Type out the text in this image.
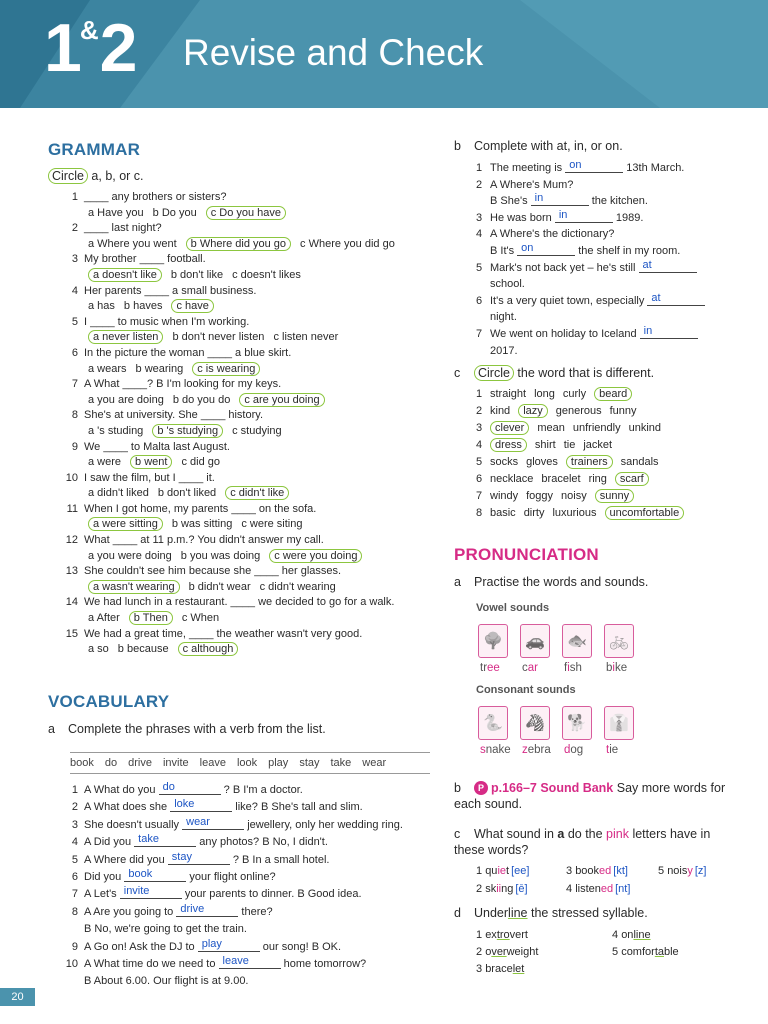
1&2 Revise and Check
GRAMMAR
Circle a, b, or c.
1 ____ any brothers or sisters?
a Have you b Do you c Do you have
2 ____ last night?
a Where you went b Where did you go c Where you did go
3 My brother ____ football.
a doesn't like b don't like c doesn't likes
4 Her parents ____ a small business.
a has b haves c have
5 I ____ to music when I'm working.
a never listen b don't never listen c listen never
6 In the picture the woman ____ a blue skirt.
a wears b wearing c is wearing
7 A What ____? B I'm looking for my keys.
a you are doing b do you do c are you doing
8 She's at university. She ____ history.
a 's studing b 's studying c studying
9 We ____ to Malta last August.
a were b went c did go
10 I saw the film, but I ____ it.
a didn't liked b don't liked c didn't like
11 When I got home, my parents ____ on the sofa.
a were sitting b was sitting c were siting
12 What ____ at 11 p.m.? You didn't answer my call.
a you were doing b you was doing c were you doing
13 She couldn't see him because she ____ her glasses.
a wasn't wearing b didn't wear c didn't wearing
14 We had lunch in a restaurant. ____ we decided to go for a walk.
a After b Then c When
15 We had a great time, ____ the weather wasn't very good.
a so b because c although
VOCABULARY
a Complete the phrases with a verb from the list.
book do drive invite leave look play stay take wear
1 A What do you do	? B I'm a doctor.
2 A What does she loke	like? B She's tall and slim.
3 She doesn't usually wear	jewellery, only her wedding ring.
4 A Did you take	any photos? B No, I didn't.
5 A Where did you stay	? B In a small hotel.
6 Did you book	your flight online?
7 A Let's invite	your parents to dinner. B Good idea.
8 A Are you going to drive	there?
B No, we're going to get the train.
9 A Go on! Ask the DJ to play	our song! B OK.
10 A What time do we need to leave	home tomorrow?
B About 6.00. Our flight is at 9.00.
b Complete with at, in, or on.
1 The meeting is on	13th March.
2 A Where's Mum?
B She's in	the kitchen.
3 He was born in	1989.
4 A Where's the dictionary?
B It's on	the shelf in my room.
5 Mark's not back yet – he's still at
school.
6 It's a very quiet town, especially at
night.
7 We went on holiday to Iceland in
2017.
c Circle the word that is different.
1 straight long curly beard
2 kind lazy generous funny
3 clever mean unfriendly unkind
4 dress shirt tie jacket
5 socks gloves trainers sandals
6 necklace bracelet ring scarf
7 windy foggy noisy sunny
8 basic dirty luxurious uncomfortable
PRONUNCIATION
a Practise the words and sounds.
Vowel sounds
🌳 🚗 🐟 🚲
tree car fish bike
Consonant sounds
🐍 🦓 🐕 👔
snake zebra dog tie
b P p.166–7 Sound Bank Say more words for each sound.
c What sound in a do the pink letters have in these words?
1 quiet [ee]	3 booked [kt]	5 noisy [z]
2 skiing [ē]	4 listened [nt]
d Underline the stressed syllable.
1 extrovert	4 online
2 overweight	5 comfortable
3 bracelet
20
